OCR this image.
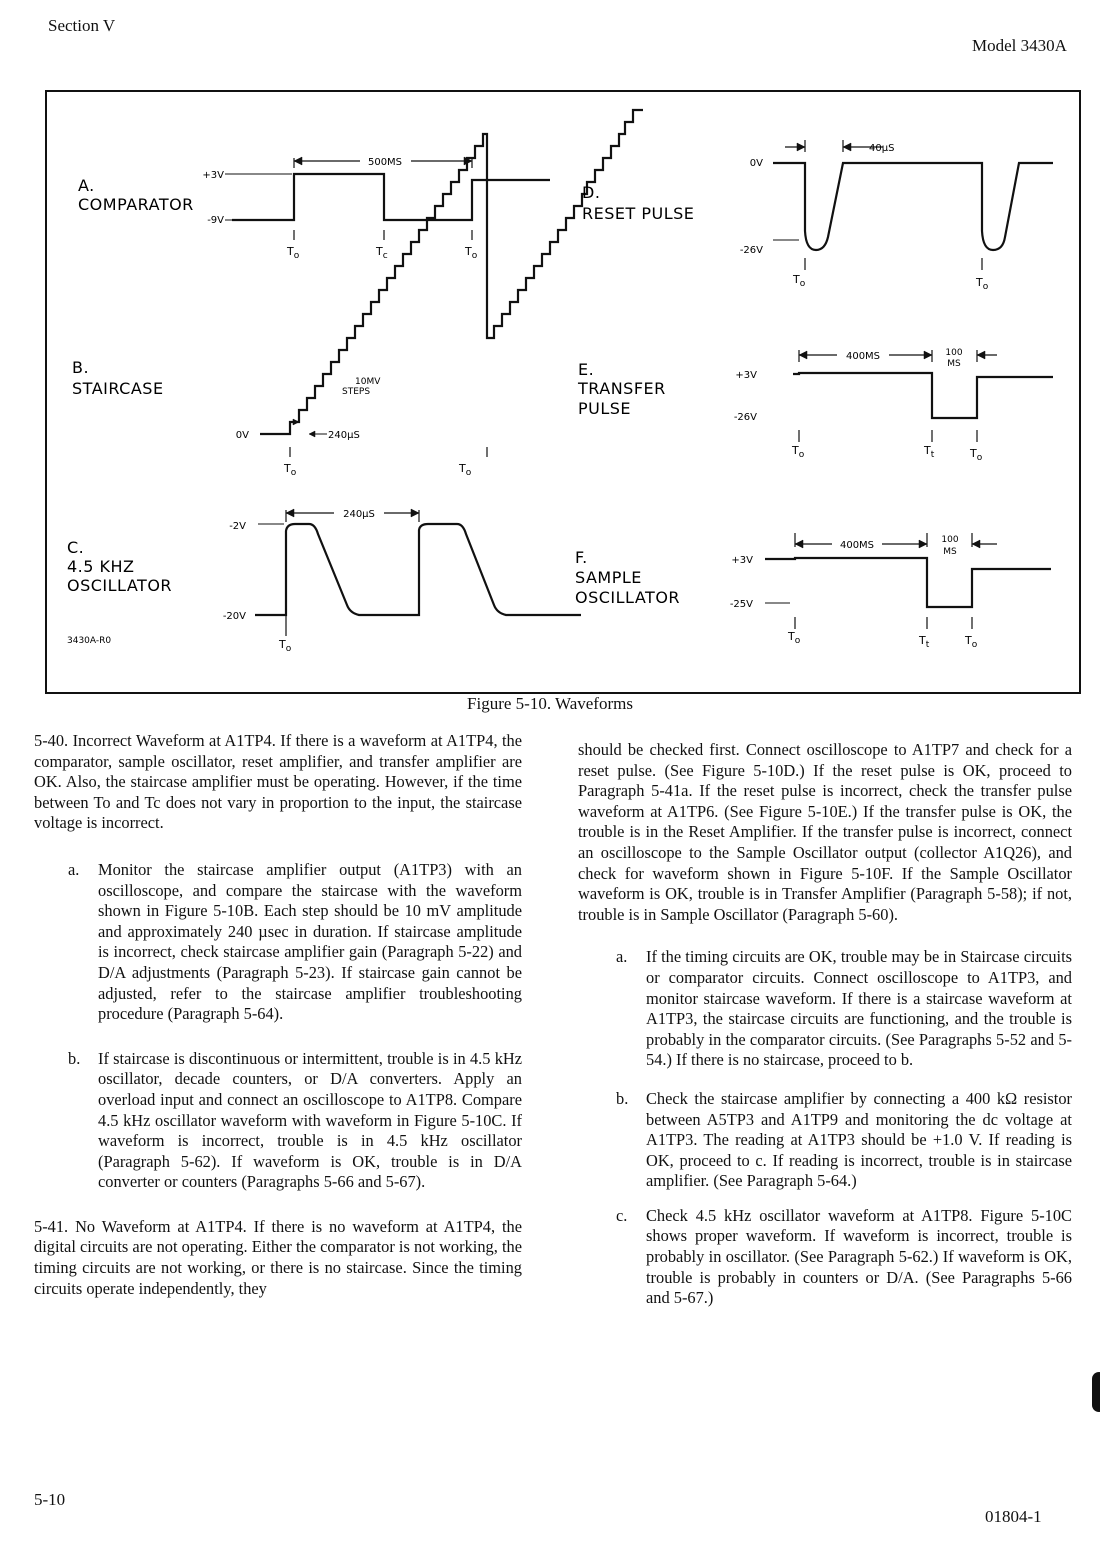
Section V
Model 3430A
A.
COMPARATOR
+3V
-9V
500MS
$T_o$	$T_c$	$T_o$
B.
STAIRCASE
0V
10MV
STEPS
240µS
$T_o$	$T_o$
C.
4.5 KHZ
OSCILLATOR
-2V
-20V
240µS
3430A-R0	$T_o$
D.
RESET PULSE
0V
-26V
40µS
$T_o$	$T_o$
E.
TRANSFER
PULSE
+3V
-26V
400MS	100
MS
$T_o$	$T_t$	$T_o$
F.
SAMPLE
OSCILLATOR
+3V
-25V
400MS	100
MS
$T_o$	$T_t$	$T_o$
Figure 5-10. Waveforms

5-40. Incorrect Waveform at A1TP4. If there is a waveform at A1TP4, the comparator, sample oscillator, reset amplifier, and transfer amplifier are OK. Also, the staircase amplifier must be operating. However, if the time between To and Tc does not vary in proportion to the input, the staircase voltage is incorrect.

a.	Monitor the staircase amplifier output (A1TP3) with an oscilloscope, and compare the staircase with the waveform shown in Figure 5-10B. Each step should be 10 mV amplitude and approximately 240 µsec in duration. If staircase amplitude is incorrect, check staircase amplifier gain (Paragraph 5-22) and D/A adjustments (Paragraph 5-23). If staircase gain cannot be adjusted, refer to the staircase amplifier troubleshooting procedure (Paragraph 5-64).
b.	If staircase is discontinuous or intermittent, trouble is in 4.5 kHz oscillator, decade counters, or D/A converters. Apply an overload input and connect an oscilloscope to A1TP8. Compare 4.5 kHz oscillator waveform with waveform in Figure 5-10C. If waveform is incorrect, trouble is in 4.5 kHz oscillator (Paragraph 5-62). If waveform is OK, trouble is in D/A converter or counters (Paragraphs 5-66 and 5-67).

5-41. No Waveform at A1TP4. If there is no waveform at A1TP4, the digital circuits are not operating. Either the comparator is not working, the timing circuits are not working, or there is no staircase. Since the timing circuits operate independently, they

should be checked first. Connect oscilloscope to A1TP7 and check for a reset pulse. (See Figure 5-10D.) If the reset pulse is OK, proceed to Paragraph 5-41a. If the reset pulse is incorrect, check the transfer pulse waveform at A1TP6. (See Figure 5-10E.) If the transfer pulse is OK, the trouble is in the Reset Amplifier. If the transfer pulse is incorrect, connect an oscilloscope to the Sample Oscillator output (collector A1Q26), and check for waveform shown in Figure 5-10F. If the Sample Oscillator waveform is OK, trouble is in Transfer Amplifier (Paragraph 5-58); if not, trouble is in Sample Oscillator (Paragraph 5-60).

a.	If the timing circuits are OK, trouble may be in Staircase circuits or comparator circuits. Connect oscilloscope to A1TP3, and monitor staircase waveform. If there is a staircase waveform at A1TP3, the staircase circuits are functioning, and the trouble is probably in the comparator circuits. (See Paragraphs 5-52 and 5-54.) If there is no staircase, proceed to b.
b.	Check the staircase amplifier by connecting a 400 kΩ resistor between A5TP3 and A1TP9 and monitoring the dc voltage at A1TP3. The reading at A1TP3 should be +1.0 V. If reading is OK, proceed to c. If reading is incorrect, trouble is in staircase amplifier. (See Paragraph 5-64.)
c.	Check 4.5 kHz oscillator waveform at A1TP8. Figure 5-10C shows proper waveform. If waveform is incorrect, trouble is probably in oscillator. (See Paragraph 5-62.) If waveform is OK, trouble is probably in counters or D/A. (See Paragraphs 5-66 and 5-67.)
5-10
01804-1
